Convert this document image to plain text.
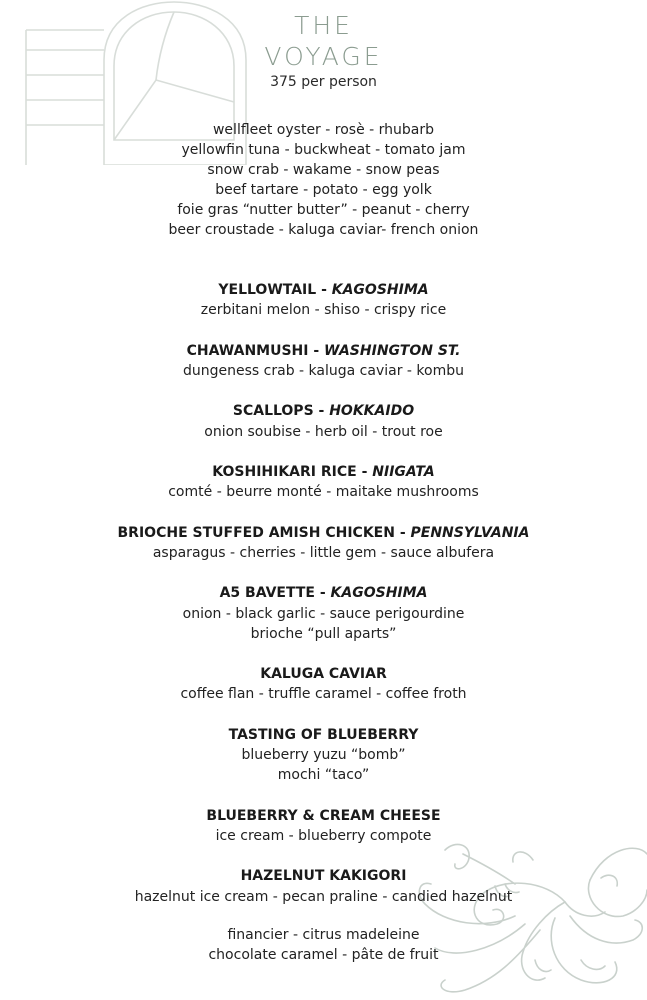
THE
VOYAGE
375 per person
wellfleet oyster - rosè - rhubarb
yellowfin tuna - buckwheat - tomato jam
snow crab - wakame - snow peas
beef tartare - potato - egg yolk
foie gras “nutter butter” - peanut - cherry
beer croustade - kaluga caviar- french onion
YELLOWTAIL - KAGOSHIMA
zerbitani melon - shiso - crispy rice
CHAWANMUSHI - WASHINGTON ST.
dungeness crab - kaluga caviar - kombu
SCALLOPS - HOKKAIDO
onion soubise - herb oil - trout roe
KOSHIHIKARI RICE - NIIGATA
comté - beurre monté - maitake mushrooms
BRIOCHE STUFFED AMISH CHICKEN - PENNSYLVANIA
asparagus - cherries - little gem - sauce albufera
A5 BAVETTE - KAGOSHIMA
onion - black garlic - sauce perigourdine
brioche “pull aparts”
KALUGA CAVIAR
coffee flan - truffle caramel - coffee froth
TASTING OF BLUEBERRY
blueberry yuzu “bomb”
mochi “taco”
BLUEBERRY & CREAM CHEESE
ice cream - blueberry compote
HAZELNUT KAKIGORI
hazelnut ice cream - pecan praline - candied hazelnut
financier - citrus madeleine
chocolate caramel - pâte de fruit
